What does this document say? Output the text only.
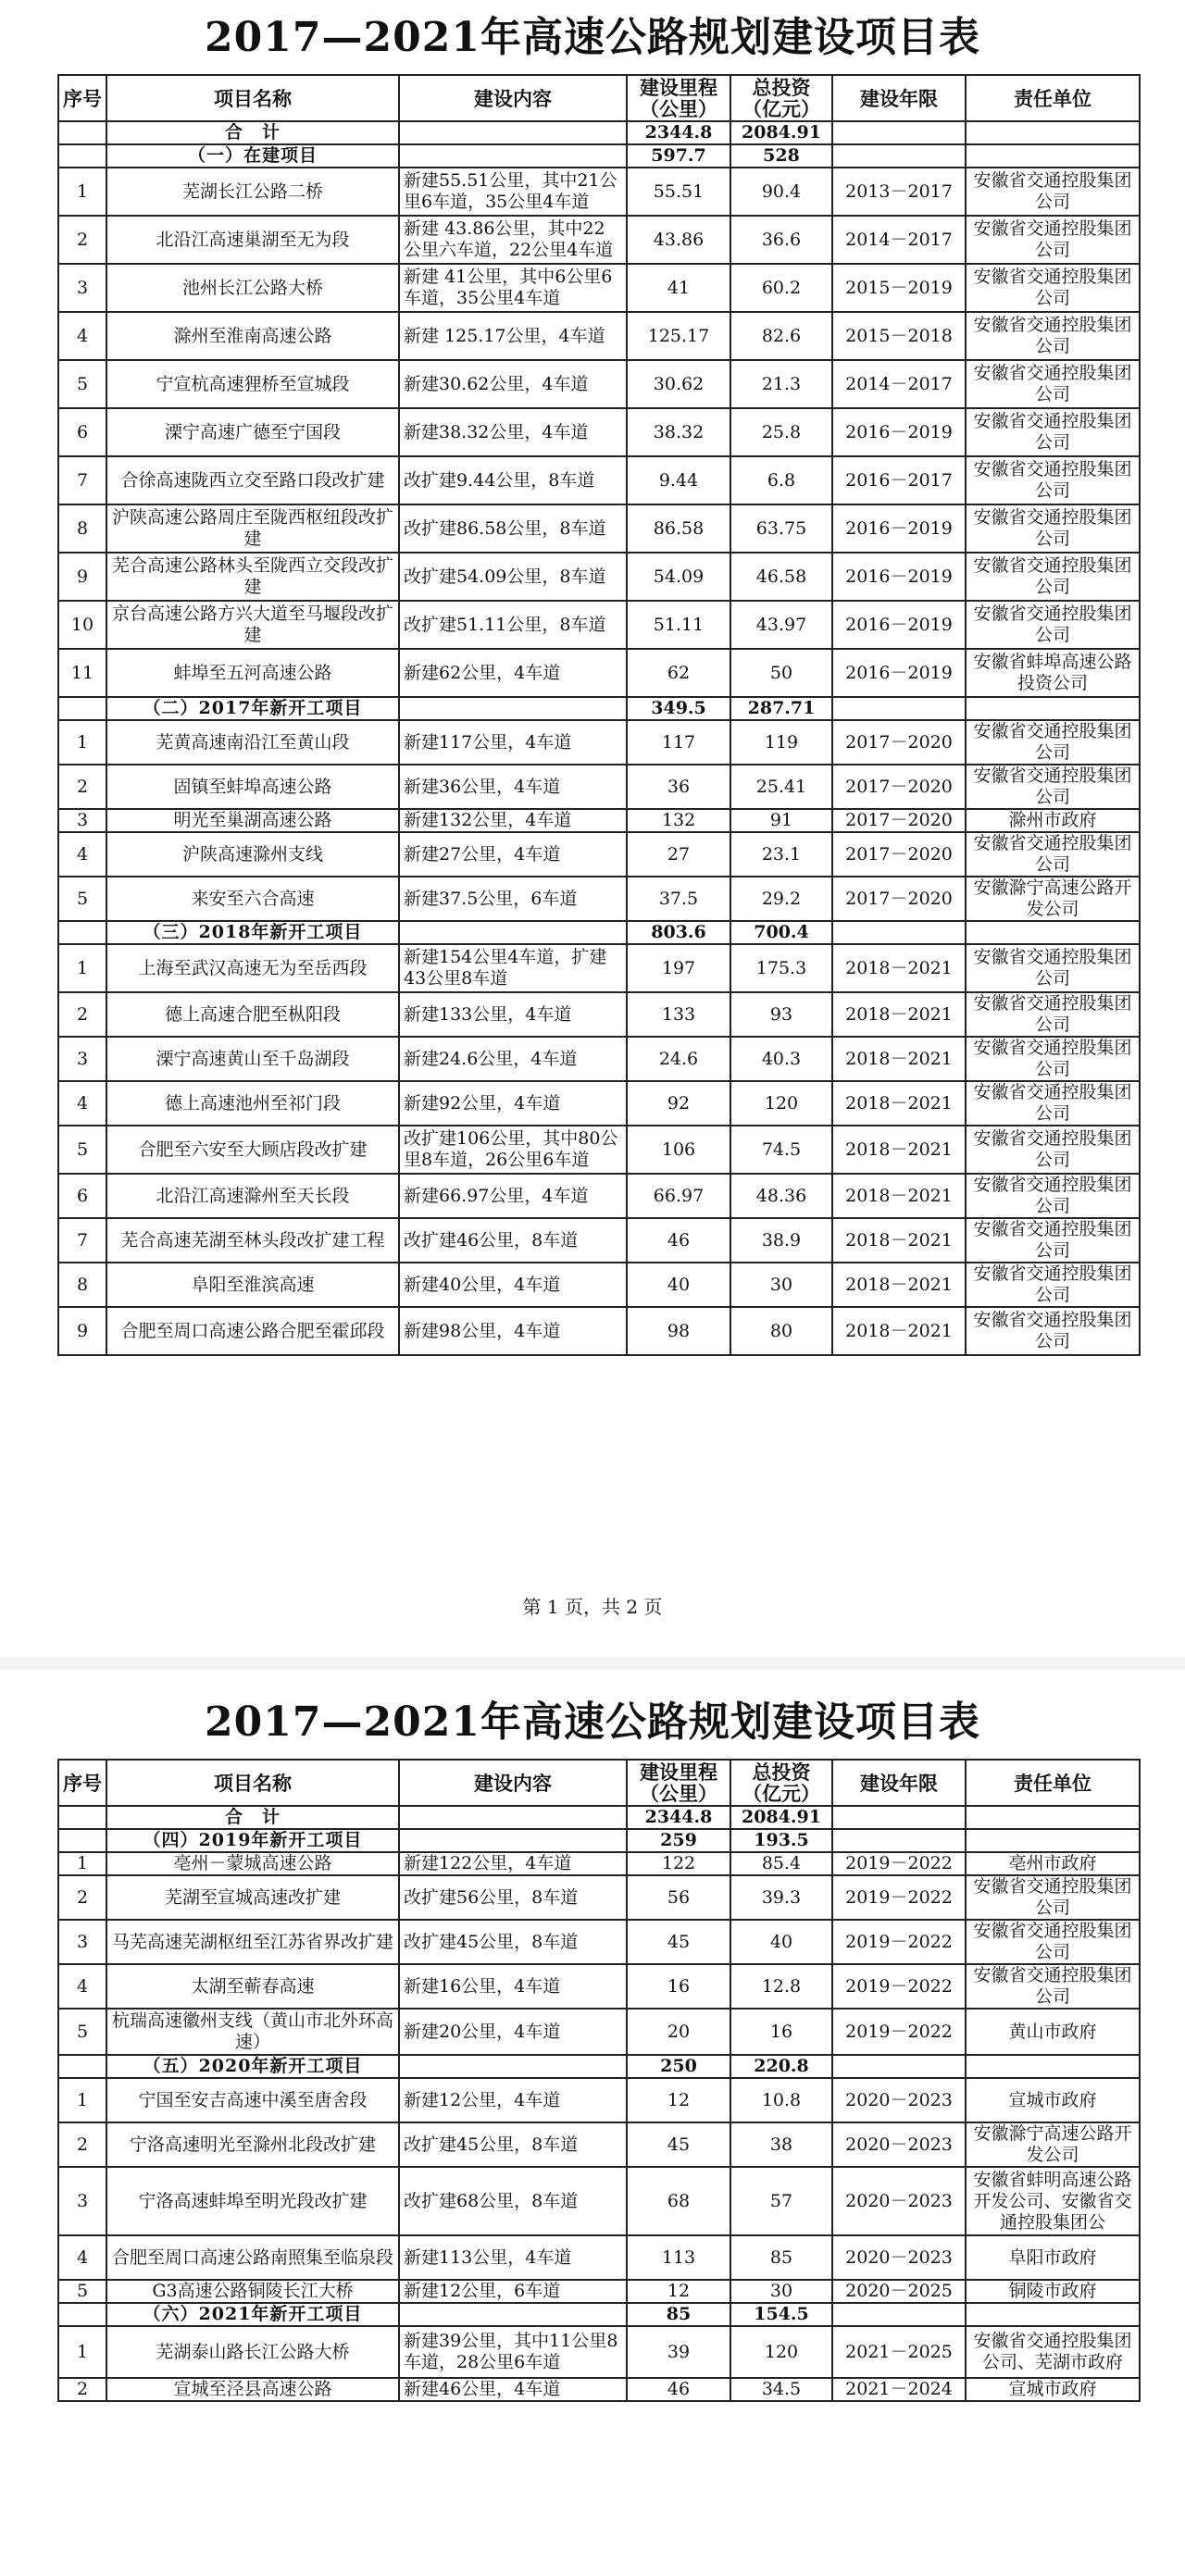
2017—2021年高速公路规划建设项目表
序号	项目名称	建设内容	建设里程（公里）	总投资（亿元）	建设年限	责任单位
	合　计		2344.8	2084.91		
	（一）在建项目		597.7	528		
1	芜湖长江公路二桥	新建55.51公里，其中21公里6车道，35公里4车道	55.51	90.4	2013－2017	安徽省交通控股集团公司
2	北沿江高速巢湖至无为段	新建 43.86公里，其中22公里六车道，22公里4车道	43.86	36.6	2014－2017	安徽省交通控股集团公司
3	池州长江公路大桥	新建 41公里，其中6公里6车道，35公里4车道	41	60.2	2015－2019	安徽省交通控股集团公司
4	滁州至淮南高速公路	新建 125.17公里，4车道	125.17	82.6	2015－2018	安徽省交通控股集团公司
5	宁宣杭高速狸桥至宣城段	新建30.62公里，4车道	30.62	21.3	2014－2017	安徽省交通控股集团公司
6	溧宁高速广德至宁国段	新建38.32公里，4车道	38.32	25.8	2016－2019	安徽省交通控股集团公司
7	合徐高速陇西立交至路口段改扩建	改扩建9.44公里，8车道	9.44	6.8	2016－2017	安徽省交通控股集团公司
8	沪陕高速公路周庄至陇西枢纽段改扩建	改扩建86.58公里，8车道	86.58	63.75	2016－2019	安徽省交通控股集团公司
9	芜合高速公路林头至陇西立交段改扩建	改扩建54.09公里，8车道	54.09	46.58	2016－2019	安徽省交通控股集团公司
10	京台高速公路方兴大道至马堰段改扩建	改扩建51.11公里，8车道	51.11	43.97	2016－2019	安徽省交通控股集团公司
11	蚌埠至五河高速公路	新建62公里，4车道	62	50	2016－2019	安徽省蚌埠高速公路投资公司
	（二）2017年新开工项目		349.5	287.71		
1	芜黄高速南沿江至黄山段	新建117公里，4车道	117	119	2017－2020	安徽省交通控股集团公司
2	固镇至蚌埠高速公路	新建36公里，4车道	36	25.41	2017－2020	安徽省交通控股集团公司
3	明光至巢湖高速公路	新建132公里，4车道	132	91	2017－2020	滁州市政府
4	沪陕高速滁州支线	新建27公里，4车道	27	23.1	2017－2020	安徽省交通控股集团公司
5	来安至六合高速	新建37.5公里，6车道	37.5	29.2	2017－2020	安徽滁宁高速公路开发公司
	（三）2018年新开工项目		803.6	700.4		
1	上海至武汉高速无为至岳西段	新建154公里4车道，扩建43公里8车道	197	175.3	2018－2021	安徽省交通控股集团公司
2	德上高速合肥至枞阳段	新建133公里，4车道	133	93	2018－2021	安徽省交通控股集团公司
3	溧宁高速黄山至千岛湖段	新建24.6公里，4车道	24.6	40.3	2018－2021	安徽省交通控股集团公司
4	德上高速池州至祁门段	新建92公里，4车道	92	120	2018－2021	安徽省交通控股集团公司
5	合肥至六安至大顾店段改扩建	改扩建106公里，其中80公里8车道，26公里6车道	106	74.5	2018－2021	安徽省交通控股集团公司
6	北沿江高速滁州至天长段	新建66.97公里，4车道	66.97	48.36	2018－2021	安徽省交通控股集团公司
7	芜合高速芜湖至林头段改扩建工程	改扩建46公里，8车道	46	38.9	2018－2021	安徽省交通控股集团公司
8	阜阳至淮滨高速	新建40公里，4车道	40	30	2018－2021	安徽省交通控股集团公司
9	合肥至周口高速公路合肥至霍邱段	新建98公里，4车道	98	80	2018－2021	安徽省交通控股集团公司
第 1 页，共 2 页
2017—2021年高速公路规划建设项目表
序号	项目名称	建设内容	建设里程（公里）	总投资（亿元）	建设年限	责任单位
	合　计		2344.8	2084.91		
	（四）2019年新开工项目		259	193.5		
1	亳州－蒙城高速公路	新建122公里，4车道	122	85.4	2019－2022	亳州市政府
2	芜湖至宣城高速改扩建	改扩建56公里，8车道	56	39.3	2019－2022	安徽省交通控股集团公司
3	马芜高速芜湖枢纽至江苏省界改扩建	改扩建45公里，8车道	45	40	2019－2022	安徽省交通控股集团公司
4	太湖至蕲春高速	新建16公里，4车道	16	12.8	2019－2022	安徽省交通控股集团公司
5	杭瑞高速徽州支线（黄山市北外环高速）	新建20公里，4车道	20	16	2019－2022	黄山市政府
	（五）2020年新开工项目		250	220.8		
1	宁国至安吉高速中溪至唐舍段	新建12公里，4车道	12	10.8	2020－2023	宣城市政府
2	宁洛高速明光至滁州北段改扩建	改扩建45公里，8车道	45	38	2020－2023	安徽滁宁高速公路开发公司
3	宁洛高速蚌埠至明光段改扩建	改扩建68公里，8车道	68	57	2020－2023	安徽省蚌明高速公路开发公司、安徽省交通控股集团公
4	合肥至周口高速公路南照集至临泉段	新建113公里，4车道	113	85	2020－2023	阜阳市政府
5	G3高速公路铜陵长江大桥	新建12公里，6车道	12	30	2020－2025	铜陵市政府
	（六）2021年新开工项目		85	154.5		
1	芜湖泰山路长江公路大桥	新建39公里，其中11公里8车道，28公里6车道	39	120	2021－2025	安徽省交通控股集团公司、芜湖市政府
2	宣城至泾县高速公路	新建46公里，4车道	46	34.5	2021－2024	宣城市政府
